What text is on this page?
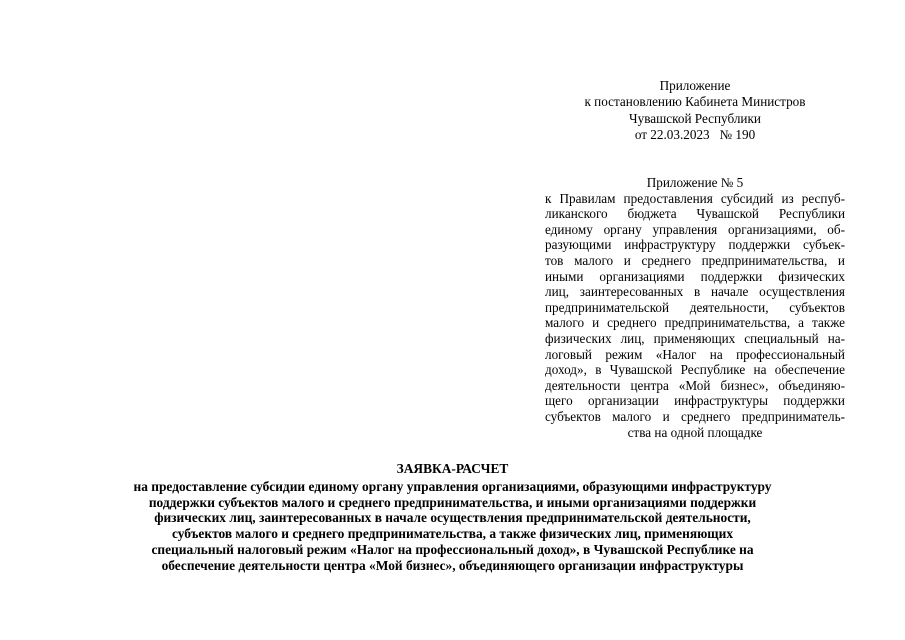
Приложение
к постановлению Кабинета Министров
Чувашской Республики
от 22.03.2023   № 190
Приложение № 5
к Правилам предоставления субсидий из респуб-
ликанского бюджета Чувашской Республики
единому органу управления организациями, об-
разующими инфраструктуру поддержки субъек-
тов малого и среднего предпринимательства, и
иными организациями поддержки физических
лиц, заинтересованных в начале осуществления
предпринимательской деятельности, субъектов
малого и среднего предпринимательства, а также
физических лиц, применяющих специальный на-
логовый режим «Налог на профессиональный
доход», в Чувашской Республике на обеспечение
деятельности центра «Мой бизнес», объединяю-
щего организации инфраструктуры поддержки
субъектов малого и среднего предприниматель-
ства на одной площадке
ЗАЯВКА-РАСЧЕТ
на предоставление субсидии единому органу управления организациями, образующими инфраструктуру
поддержки субъектов малого и среднего предпринимательства, и иными организациями поддержки
физических лиц, заинтересованных в начале осуществления предпринимательской деятельности,
субъектов малого и среднего предпринимательства, а также физических лиц, применяющих
специальный налоговый режим «Налог на профессиональный доход», в Чувашской Республике на
обеспечение деятельности центра «Мой бизнес», объединяющего организации инфраструктуры
